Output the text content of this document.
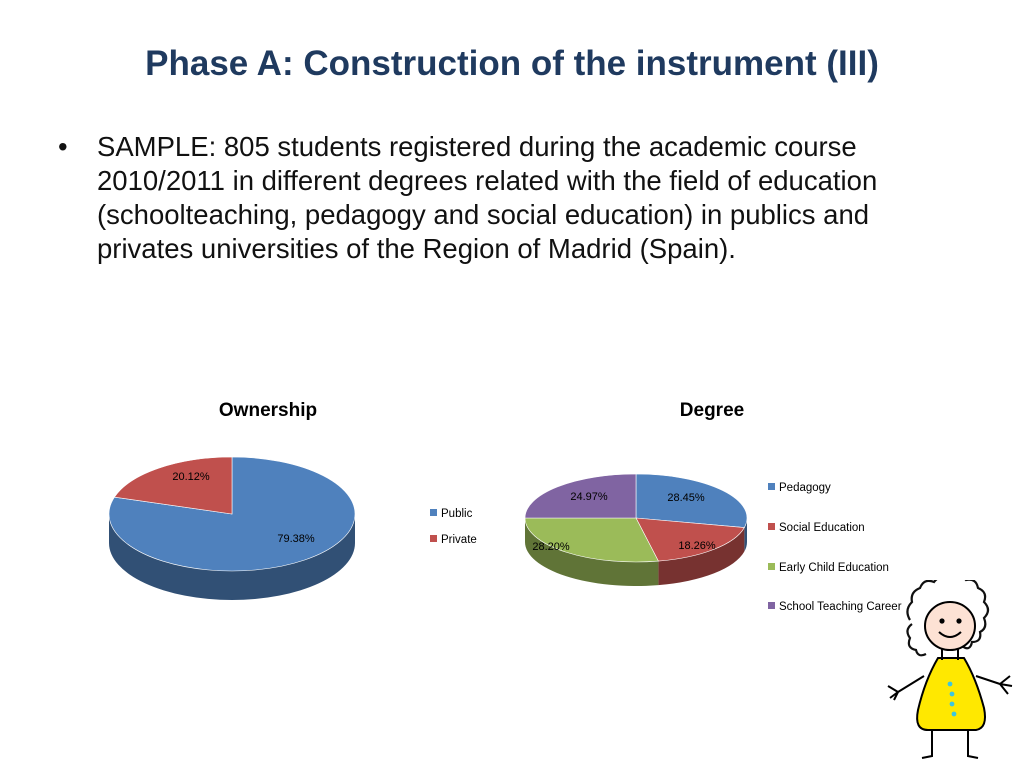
Phase A: Construction of the instrument (III)
• SAMPLE: 805 students registered during the academic course 2010/2011 in different degrees related with the field of education (schoolteaching, pedagogy and social education) in publics and privates universities of the Region of Madrid (Spain).
Ownership	Degree
79.38%
20.12%
28.45%
18.26%
28.20%
24.97%
Public
Private
Pedagogy
Social Education
Early Child Education
School Teaching Career
